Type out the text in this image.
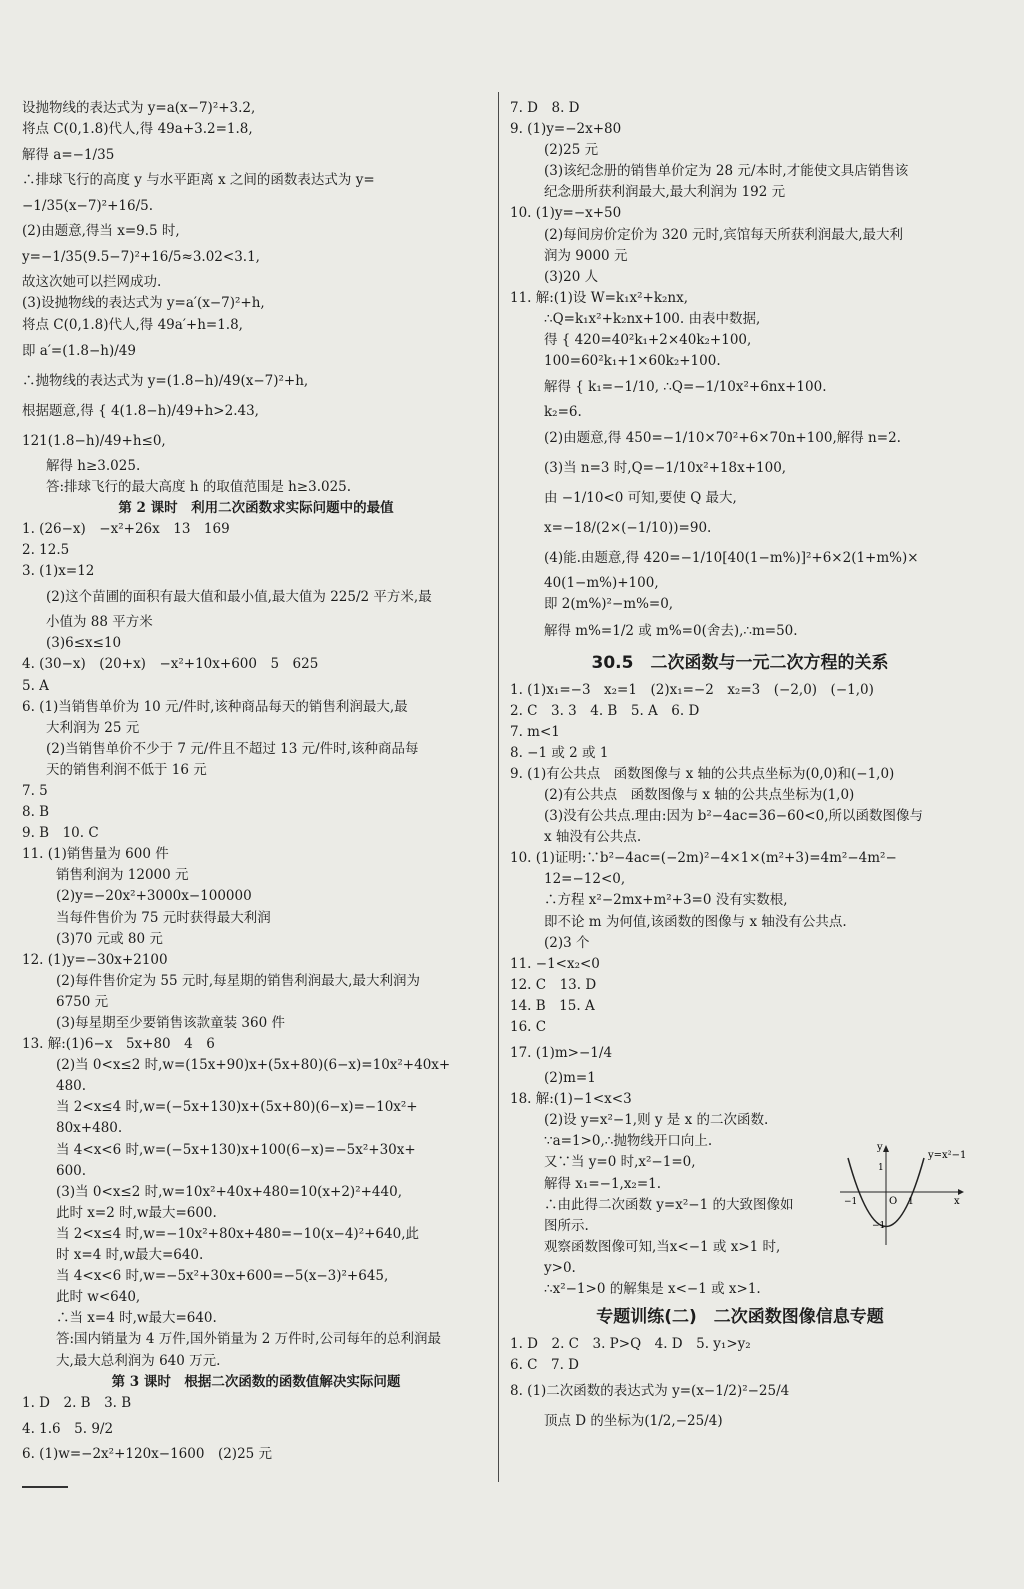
设抛物线的表达式为 y=a(x−7)²+3.2,
将点 C(0,1.8)代人,得 49a+3.2=1.8,
解得 a=−1/35
∴排球飞行的高度 y 与水平距离 x 之间的函数表达式为 y=
−1/35(x−7)²+16/5.
(2)由题意,得当 x=9.5 时,
y=−1/35(9.5−7)²+16/5≈3.02<3.1,
故这次她可以拦网成功.
(3)设抛物线的表达式为 y=a′(x−7)²+h,
将点 C(0,1.8)代人,得 49a′+h=1.8,
即 a′=(1.8−h)/49
∴抛物线的表达式为 y=(1.8−h)/49(x−7)²+h,
根据题意,得 { 4(1.8−h)/49+h>2.43,
121(1.8−h)/49+h≤0,
解得 h≥3.025.
答:排球飞行的最大高度 h 的取值范围是 h≥3.025.
第 2 课时　利用二次函数求实际问题中的最值
1. (26−x)　−x²+26x　13　169
2. 12.5
3. (1)x=12
(2)这个苗圃的面积有最大值和最小值,最大值为 225/2 平方米,最
小值为 88 平方米
(3)6≤x≤10
4. (30−x)　(20+x)　−x²+10x+600　5　625
5. A
6. (1)当销售单价为 10 元/件时,该种商品每天的销售利润最大,最
大利润为 25 元
(2)当销售单价不少于 7 元/件且不超过 13 元/件时,该种商品每
天的销售利润不低于 16 元
7. 5
8. B
9. B　10. C
11. (1)销售量为 600 件
销售利润为 12000 元
(2)y=−20x²+3000x−100000
当每件售价为 75 元时获得最大利润
(3)70 元或 80 元
12. (1)y=−30x+2100
(2)每件售价定为 55 元时,每星期的销售利润最大,最大利润为
6750 元
(3)每星期至少要销售该款童装 360 件
13. 解:(1)6−x　5x+80　4　6
(2)当 0<x≤2 时,w=(15x+90)x+(5x+80)(6−x)=10x²+40x+
480.
当 2<x≤4 时,w=(−5x+130)x+(5x+80)(6−x)=−10x²+
80x+480.
当 4<x<6 时,w=(−5x+130)x+100(6−x)=−5x²+30x+
600.
(3)当 0<x≤2 时,w=10x²+40x+480=10(x+2)²+440,
此时 x=2 时,w最大=600.
当 2<x≤4 时,w=−10x²+80x+480=−10(x−4)²+640,此
时 x=4 时,w最大=640.
当 4<x<6 时,w=−5x²+30x+600=−5(x−3)²+645,
此时 w<640,
∴当 x=4 时,w最大=640.
答:国内销量为 4 万件,国外销量为 2 万件时,公司每年的总利润最
大,最大总利润为 640 万元.
第 3 课时　根据二次函数的函数值解决实际问题
1. D　2. B　3. B
4. 1.6　5. 9/2
6. (1)w=−2x²+120x−1600　(2)25 元
7. D　8. D
9. (1)y=−2x+80
(2)25 元
(3)该纪念册的销售单价定为 28 元/本时,才能使文具店销售该
纪念册所获利润最大,最大利润为 192 元
10. (1)y=−x+50
(2)每间房价定价为 320 元时,宾馆每天所获利润最大,最大利
润为 9000 元
(3)20 人
11. 解:(1)设 W=k₁x²+k₂nx,
∴Q=k₁x²+k₂nx+100. 由表中数据,
得 { 420=40²k₁+2×40k₂+100,
100=60²k₁+1×60k₂+100.
解得 { k₁=−1/10, ∴Q=−1/10x²+6nx+100.
k₂=6.
(2)由题意,得 450=−1/10×70²+6×70n+100,解得 n=2.
(3)当 n=3 时,Q=−1/10x²+18x+100,
由 −1/10<0 可知,要使 Q 最大,
x=−18/(2×(−1/10))=90.
(4)能.由题意,得 420=−1/10[40(1−m%)]²+6×2(1+m%)×
40(1−m%)+100,
即 2(m%)²−m%=0,
解得 m%=1/2 或 m%=0(舍去),∴m=50.
30.5　二次函数与一元二次方程的关系
1. (1)x₁=−3　x₂=1　(2)x₁=−2　x₂=3　(−2,0)　(−1,0)
2. C　3. 3　4. B　5. A　6. D
7. m<1
8. −1 或 2 或 1
9. (1)有公共点　函数图像与 x 轴的公共点坐标为(0,0)和(−1,0)
(2)有公共点　函数图像与 x 轴的公共点坐标为(1,0)
(3)没有公共点.理由:因为 b²−4ac=36−60<0,所以函数图像与
x 轴没有公共点.
10. (1)证明:∵b²−4ac=(−2m)²−4×1×(m²+3)=4m²−4m²−
12=−12<0,
∴方程 x²−2mx+m²+3=0 没有实数根,
即不论 m 为何值,该函数的图像与 x 轴没有公共点.
(2)3 个
11. −1<x₂<0
12. C　13. D
14. B　15. A
16. C
17. (1)m>−1/4
(2)m=1
18. 解:(1)−1<x<3
(2)设 y=x²−1,则 y 是 x 的二次函数.
∵a=1>0,∴抛物线开口向上.
又∵当 y=0 时,x²−1=0,
解得 x₁=−1,x₂=1.
∴由此得二次函数 y=x²−1 的大致图像如
图所示.
观察函数图像可知,当x<−1 或 x>1 时,
y>0.
∴x²−1>0 的解集是 x<−1 或 x>1.
专题训练(二)　二次函数图像信息专题
1. D　2. C　3. P>Q　4. D　5. y₁>y₂
6. C　7. D
8. (1)二次函数的表达式为 y=(x−1/2)²−25/4
顶点 D 的坐标为(1/2,−25/4)
y
x
O
y=x²−1
−1	1
1
−1
